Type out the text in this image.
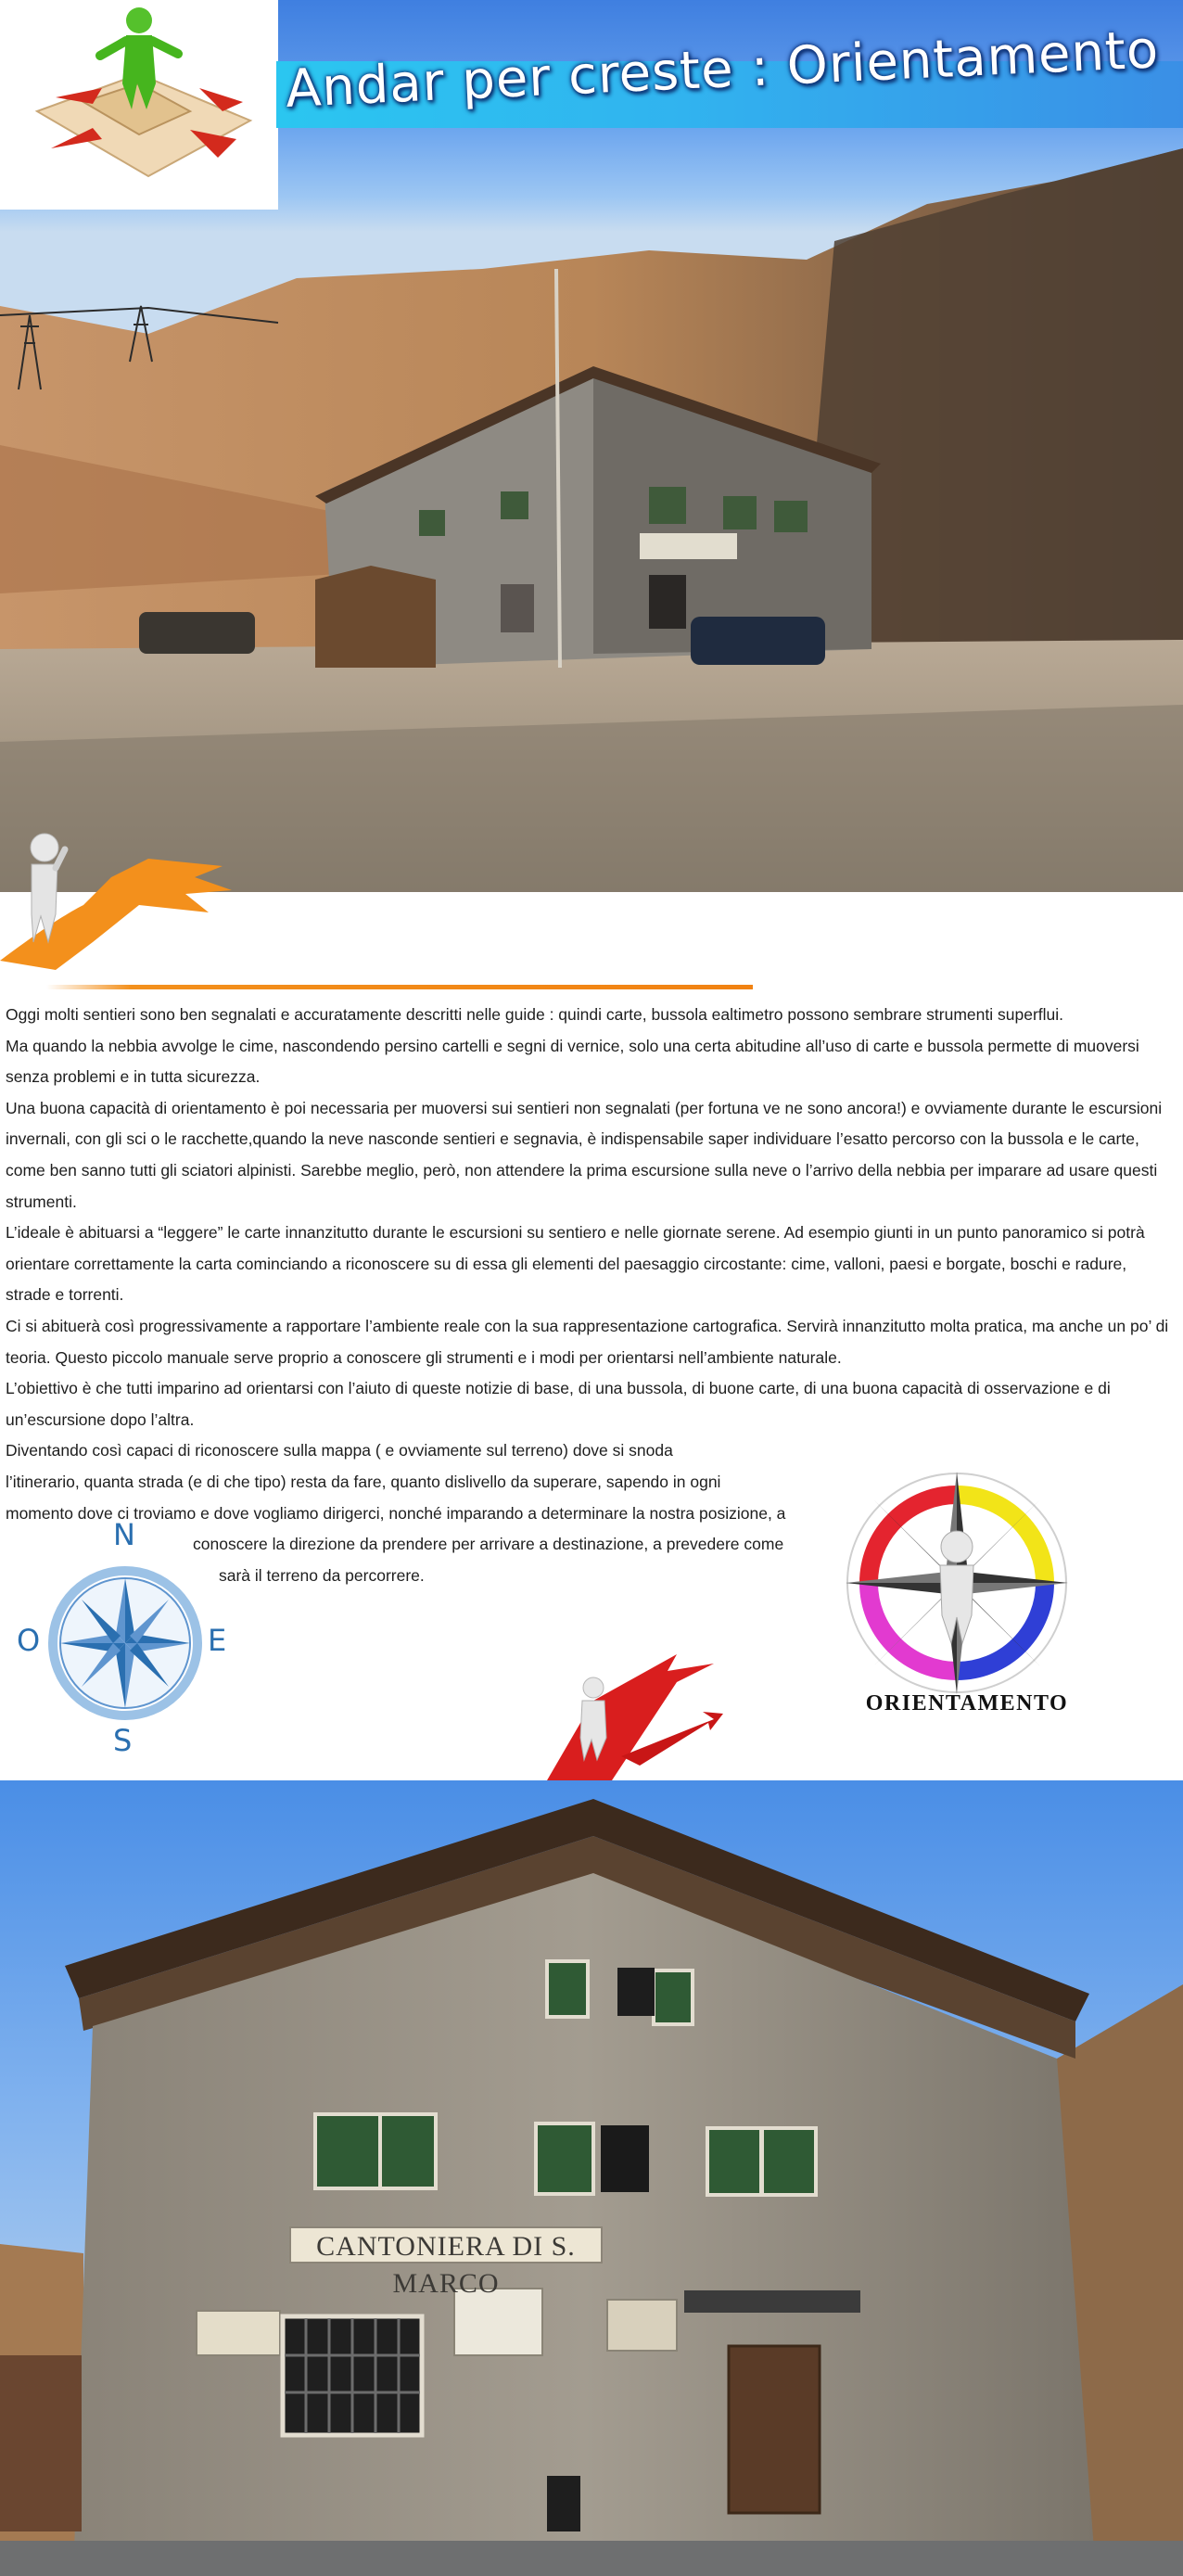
Andar per creste : Orientamento

Oggi molti sentieri sono ben segnalati e accuratamente descritti nelle guide : quindi carte, bussola ealtimetro possono sembrare strumenti superflui.

Ma quando la nebbia avvolge le cime, nascondendo persino cartelli e segni di vernice, solo una certa abitudine all’uso di carte e bussola permette di muoversi senza problemi e in tutta sicurezza.

Una buona capacità di orientamento è poi necessaria per muoversi sui sentieri non segnalati (per fortuna ve ne sono ancora!) e ovviamente durante le escursioni invernali, con gli sci o le racchette,quando la neve nasconde sentieri e segnavia, è indispensabile saper individuare l’esatto percorso con la bussola e le carte, come ben sanno tutti gli sciatori alpinisti. Sarebbe meglio, però, non attendere la prima escursione sulla neve o l’arrivo della nebbia per imparare ad usare questi strumenti.

L’ideale è abituarsi a “leggere” le carte innanzitutto durante le escursioni su sentiero e nelle giornate serene. Ad esempio giunti in un punto panoramico si potrà orientare correttamente la carta cominciando a riconoscere su di essa gli elementi del paesaggio circostante: cime, valloni, paesi e borgate, boschi e radure, strade e torrenti.

Ci si abituerà così progressivamente a rapportare l’ambiente reale con la sua rappresentazione cartografica. Servirà innanzitutto molta pratica, ma anche un po’ di teoria. Questo piccolo manuale serve proprio a conoscere gli strumenti e i modi per orientarsi nell’ambiente naturale.

L’obiettivo è che tutti imparino ad orientarsi con l’aiuto di queste notizie di base, di una bussola, di buone carte, di una buona capacità di osservazione e di un’escursione dopo l’altra.

Diventando così capaci di riconoscere sulla mappa ( e ovviamente sul terreno) dove si snoda

l’itinerario, quanta strada (e di che tipo) resta da fare, quanto dislivello da superare, sapendo in ogni

momento dove ci troviamo e dove vogliamo dirigerci, nonché imparando a determinare la nostra posizione, a

conoscere la direzione da prendere per arrivare a destinazione, a prevedere come

sarà il terreno da percorrere.

N
O	E
S
ORIENTAMENTO
CANTONIERA DI S. MARCO
